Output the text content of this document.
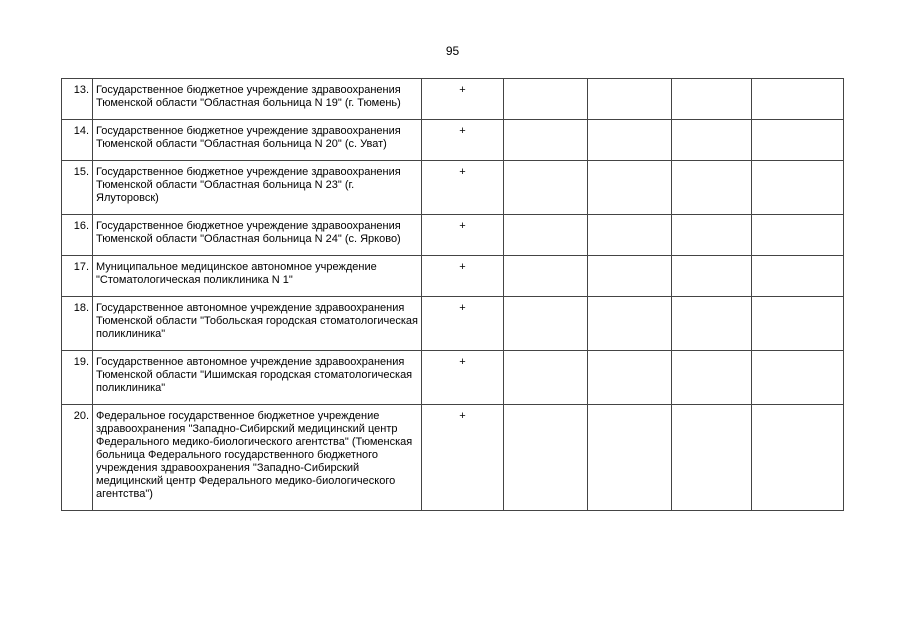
95
13.	Государственное бюджетное учреждение здравоохранения Тюменской области "Областная больница N 19" (г. Тюмень)	+				
14.	Государственное бюджетное учреждение здравоохранения Тюменской области "Областная больница N 20" (с. Уват)	+				
15.	Государственное бюджетное учреждение здравоохранения Тюменской области "Областная больница N 23" (г. Ялуторовск)	+				
16.	Государственное бюджетное учреждение здравоохранения Тюменской области "Областная больница N 24" (с. Ярково)	+				
17.	Муниципальное медицинское автономное учреждение "Стоматологическая поликлиника N 1"	+				
18.	Государственное автономное учреждение здравоохранения Тюменской области "Тобольская городская стоматологическая поликлиника"	+				
19.	Государственное автономное учреждение здравоохранения Тюменской области "Ишимская городская стоматологическая поликлиника"	+				
20.	Федеральное государственное бюджетное учреждение здравоохранения "Западно-Сибирский медицинский центр Федерального медико-биологического агентства" (Тюменская больница Федерального государственного бюджетного учреждения здравоохранения "Западно-Сибирский медицинский центр Федерального медико-биологического агентства")	+				
